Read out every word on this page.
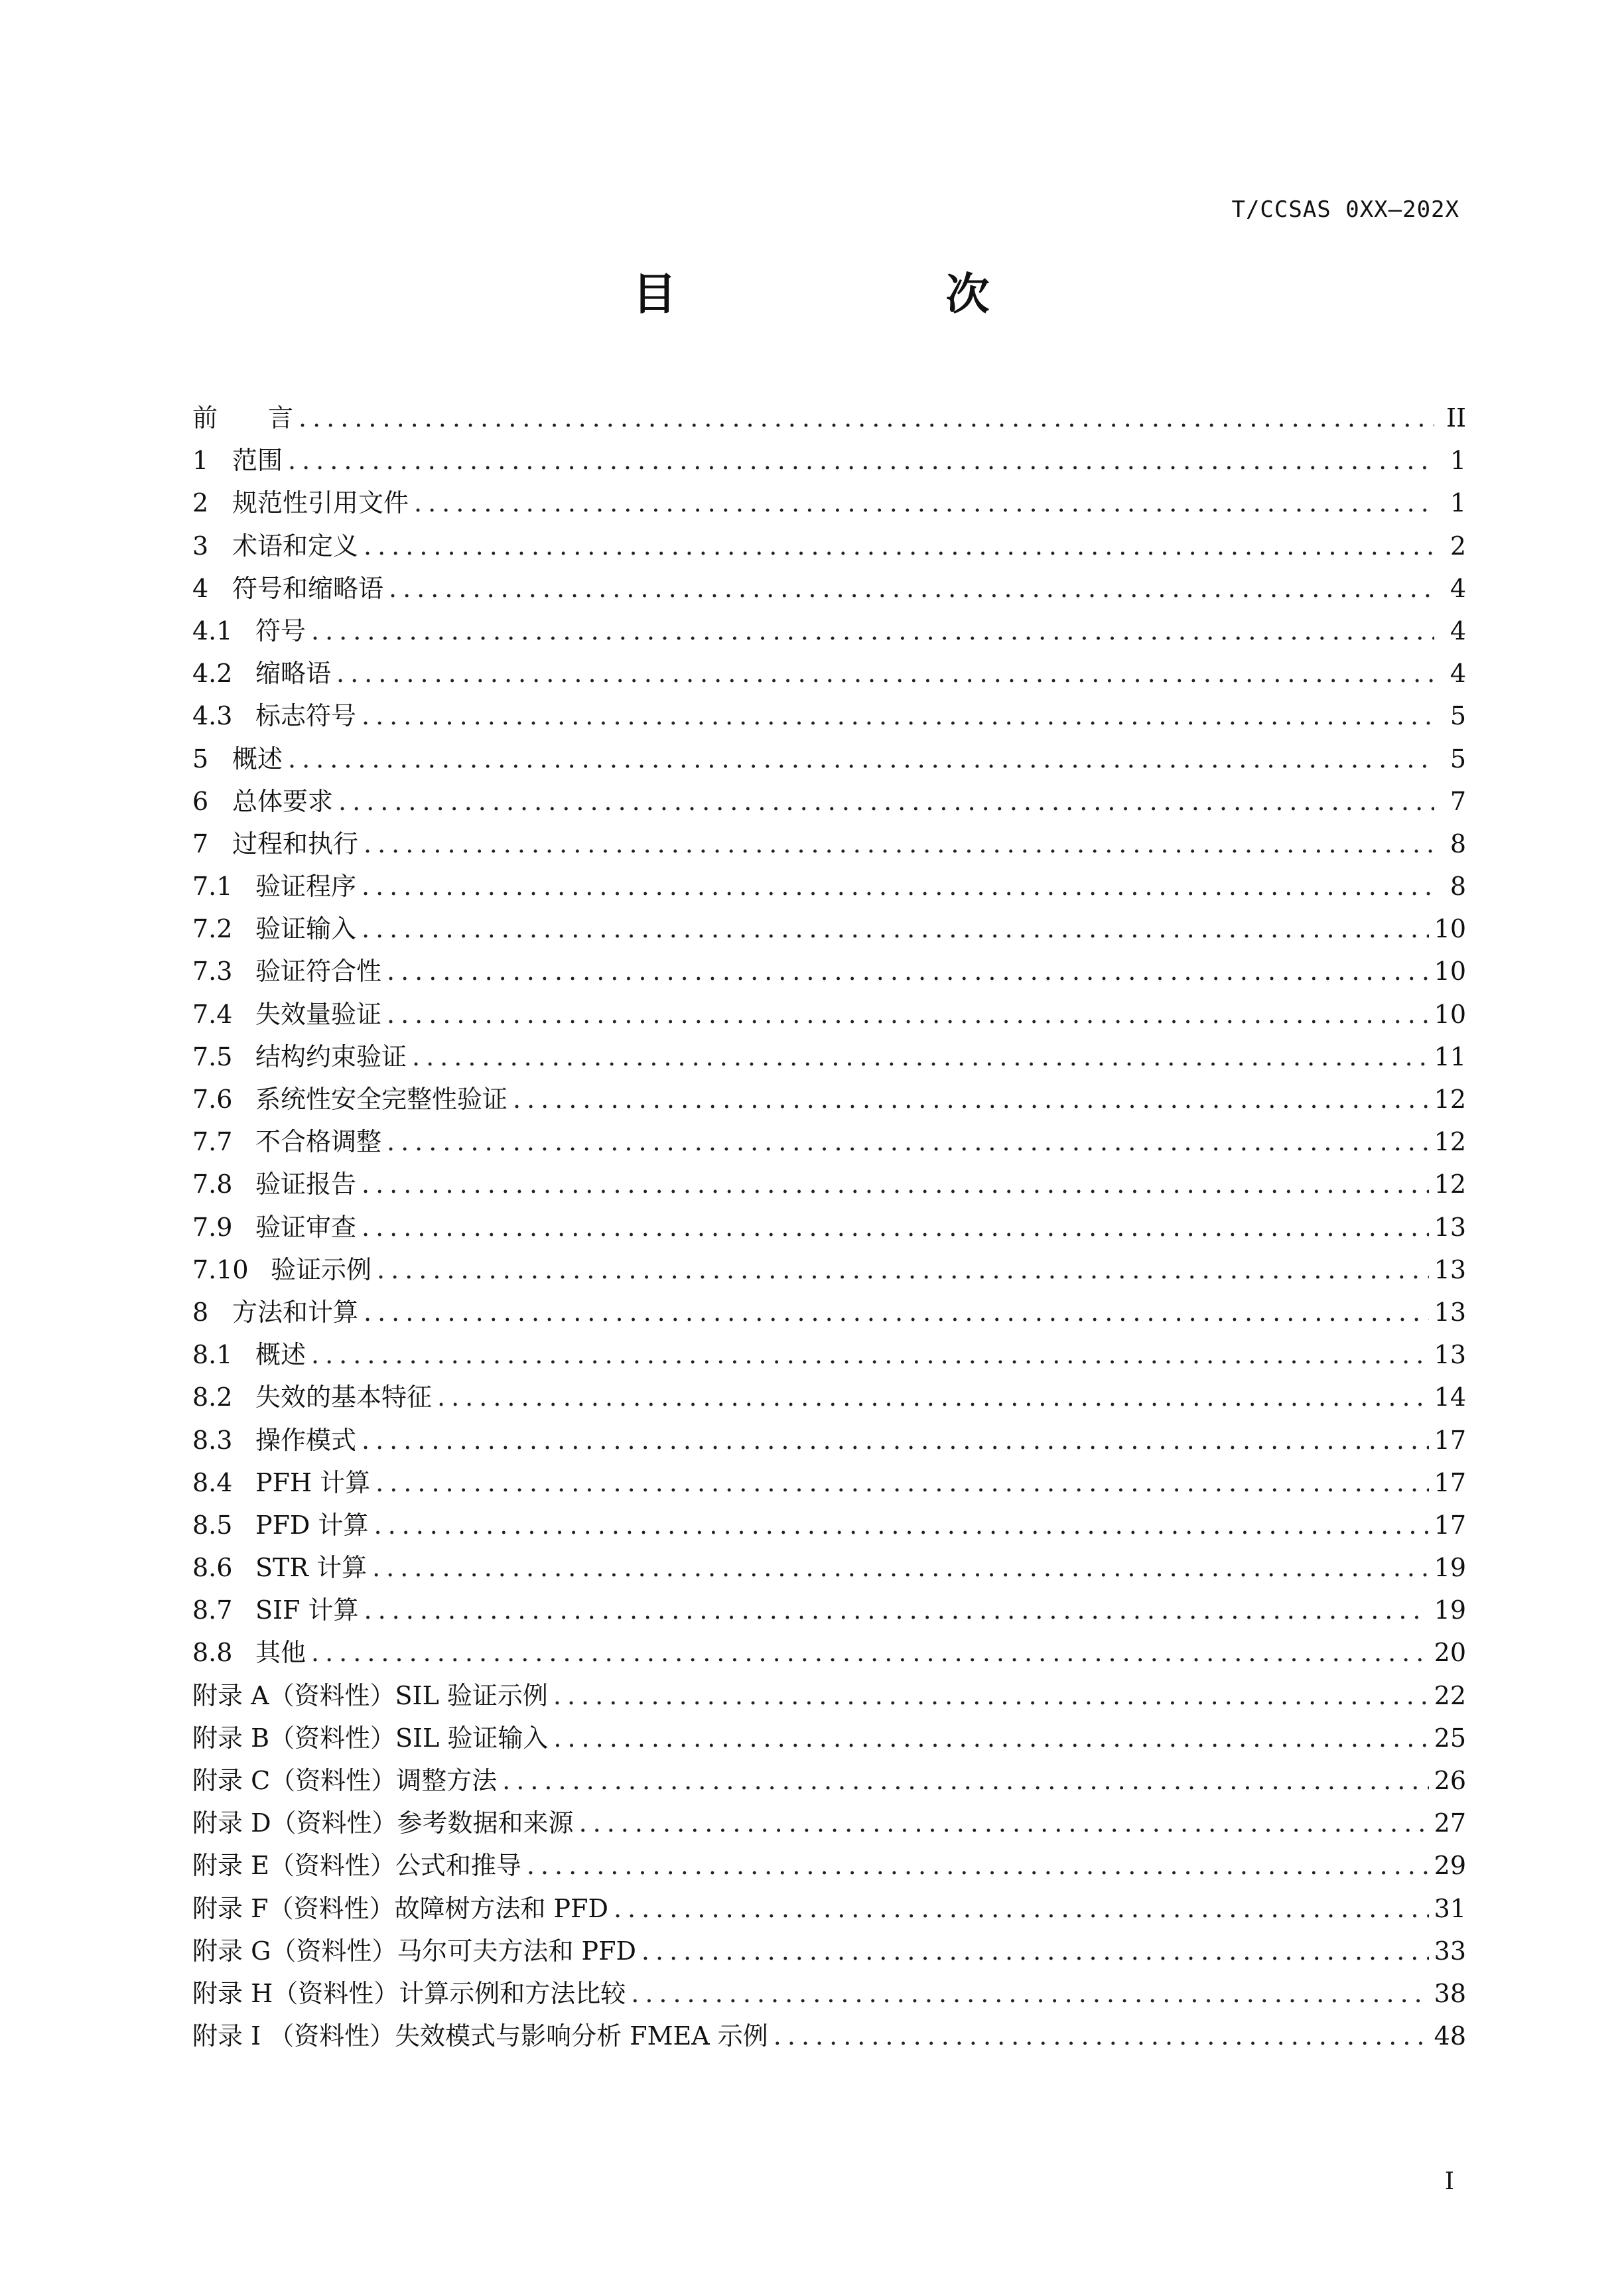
T/CCSAS 0XX—202X
目　次
前　　言 .....	II
1 范围 .....	1
2 规范性引用文件 .....	1
3 术语和定义 .....	2
4 符号和缩略语 .....	4
4.1 符号 .....	4
4.2 缩略语 .....	4
4.3 标志符号 .....	5
5 概述 .....	5
6 总体要求 .....	7
7 过程和执行 .....	8
7.1 验证程序 .....	8
7.2 验证输入 .....	10
7.3 验证符合性 .....	10
7.4 失效量验证 .....	10
7.5 结构约束验证 .....	11
7.6 系统性安全完整性验证 .....	12
7.7 不合格调整 .....	12
7.8 验证报告 .....	12
7.9 验证审查 .....	13
7.10 验证示例 .....	13
8 方法和计算 .....	13
8.1 概述 .....	13
8.2 失效的基本特征 .....	14
8.3 操作模式 .....	17
8.4 PFH 计算 .....	17
8.5 PFD 计算 .....	17
8.6 STR 计算 .....	19
8.7 SIF 计算 .....	19
8.8 其他 .....	20
附录 A（资料性）SIL 验证示例 .....	22
附录 B（资料性）SIL 验证输入 .....	25
附录 C（资料性）调整方法 .....	26
附录 D（资料性）参考数据和来源 .....	27
附录 E（资料性）公式和推导 .....	29
附录 F（资料性）故障树方法和 PFD .....	31
附录 G（资料性）马尔可夫方法和 PFD .....	33
附录 H（资料性）计算示例和方法比较 .....	38
附录 I （资料性）失效模式与影响分析 FMEA 示例 .....	48
I
